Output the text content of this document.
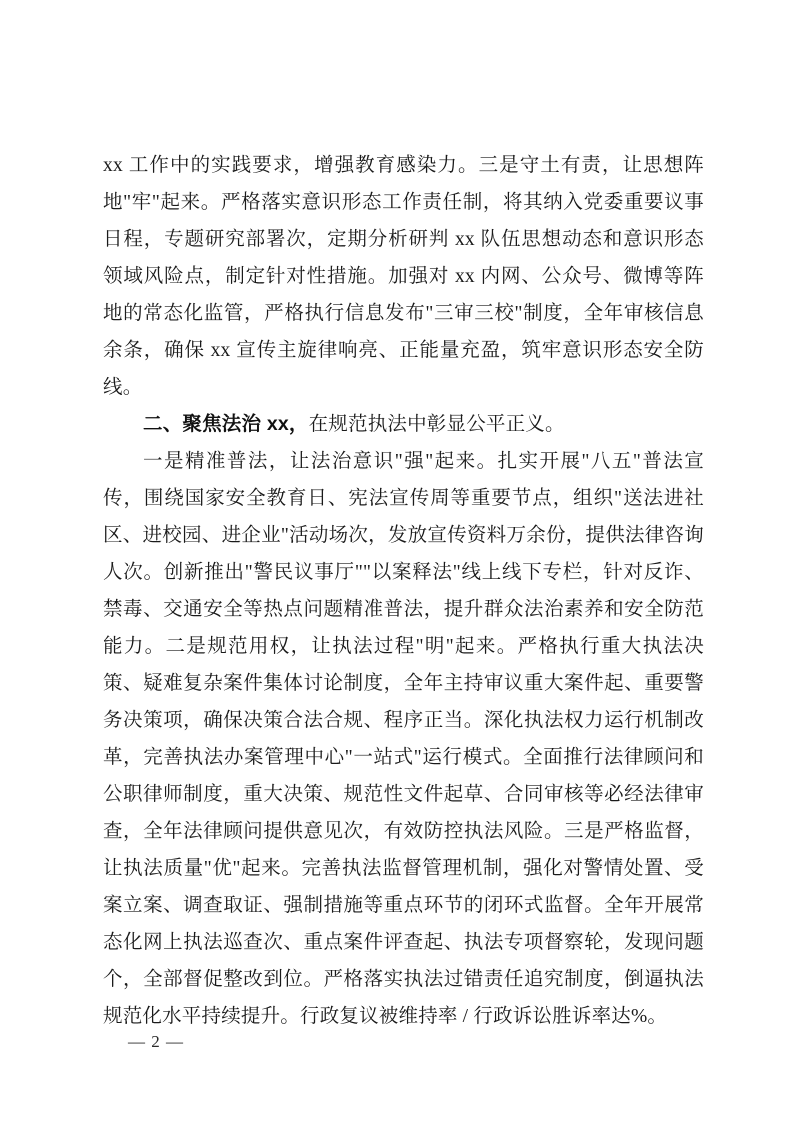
xx 工作中的实践要求，增强教育感染力。三是守土有责，让思想阵地"牢"起来。严格落实意识形态工作责任制，将其纳入党委重要议事日程，专题研究部署次，定期分析研判 xx 队伍思想动态和意识形态领域风险点，制定针对性措施。加强对 xx 内网、公众号、微博等阵地的常态化监管，严格执行信息发布"三审三校"制度，全年审核信息余条，确保 xx 宣传主旋律响亮、正能量充盈，筑牢意识形态安全防线。

二、聚焦法治 xx，在规范执法中彰显公平正义。

一是精准普法，让法治意识"强"起来。扎实开展"八五"普法宣传，围绕国家安全教育日、宪法宣传周等重要节点，组织"送法进社区、进校园、进企业"活动场次，发放宣传资料万余份，提供法律咨询人次。创新推出"警民议事厅""以案释法"线上线下专栏，针对反诈、禁毒、交通安全等热点问题精准普法，提升群众法治素养和安全防范能力。二是规范用权，让执法过程"明"起来。严格执行重大执法决策、疑难复杂案件集体讨论制度，全年主持审议重大案件起、重要警务决策项，确保决策合法合规、程序正当。深化执法权力运行机制改革，完善执法办案管理中心"一站式"运行模式。全面推行法律顾问和公职律师制度，重大决策、规范性文件起草、合同审核等必经法律审查，全年法律顾问提供意见次，有效防控执法风险。三是严格监督，让执法质量"优"起来。完善执法监督管理机制，强化对警情处置、受案立案、调查取证、强制措施等重点环节的闭环式监督。全年开展常态化网上执法巡查次、重点案件评查起、执法专项督察轮，发现问题个，全部督促整改到位。严格落实执法过错责任追究制度，倒逼执法规范化水平持续提升。行政复议被维持率 / 行政诉讼胜诉率达%。

— 2 —
